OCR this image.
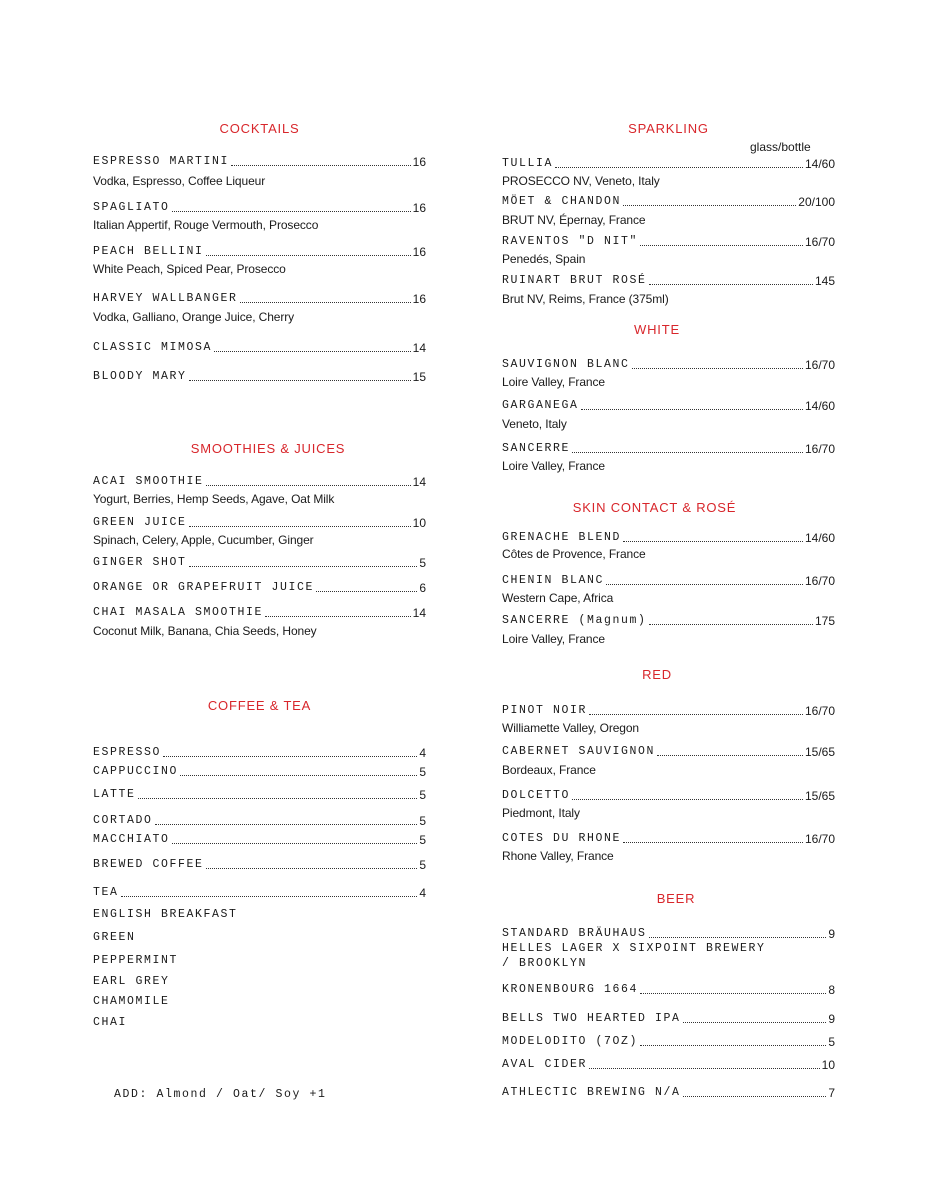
COCKTAILS
ESPRESSO MARTINI	16
Vodka, Espresso, Coffee Liqueur
SPAGLIATO	16
Italian Appertif, Rouge Vermouth, Prosecco
PEACH BELLINI	16
White Peach, Spiced Pear, Prosecco
HARVEY WALLBANGER	16
Vodka, Galliano, Orange Juice, Cherry
CLASSIC MIMOSA	14
BLOODY MARY	15
SMOOTHIES & JUICES
ACAI SMOOTHIE	14
Yogurt, Berries, Hemp Seeds, Agave, Oat Milk
GREEN JUICE	10
Spinach, Celery, Apple, Cucumber, Ginger
GINGER SHOT	5
ORANGE OR GRAPEFRUIT JUICE	6
CHAI MASALA SMOOTHIE	14
Coconut Milk, Banana, Chia Seeds, Honey
COFFEE & TEA
ESPRESSO	4
CAPPUCCINO	5
LATTE	5
CORTADO	5
MACCHIATO	5
BREWED COFFEE	5
TEA	4
ENGLISH BREAKFAST
GREEN
PEPPERMINT
EARL GREY
CHAMOMILE
CHAI
ADD: Almond / Oat/ Soy +1
SPARKLING
glass/bottle
TULLIA	14/60
PROSECCO NV, Veneto, Italy
MÖET & CHANDON	20/100
BRUT NV, Épernay, France
RAVENTOS "D NIT"	16/70
Penedés, Spain
RUINART BRUT ROSÉ	145
Brut NV, Reims, France (375ml)
WHITE
SAUVIGNON BLANC	16/70
Loire Valley, France
GARGANEGA	14/60
Veneto, Italy
SANCERRE	16/70
Loire Valley, France
SKIN CONTACT & ROSÉ
GRENACHE BLEND	14/60
Côtes de Provence, France
CHENIN BLANC	16/70
Western Cape, Africa
SANCERRE (Magnum)	175
Loire Valley, France
RED
PINOT NOIR	16/70
Williamette Valley, Oregon
CABERNET SAUVIGNON	15/65
Bordeaux, France
DOLCETTO	15/65
Piedmont, Italy
COTES DU RHONE	16/70
Rhone Valley, France
BEER
STANDARD BRÄUHAUS	9
HELLES LAGER X SIXPOINT BREWERY
/ BROOKLYN
KRONENBOURG 1664	8
BELLS TWO HEARTED IPA	9
MODELODITO (7OZ)	5
AVAL CIDER	10
ATHLECTIC BREWING N/A	7
